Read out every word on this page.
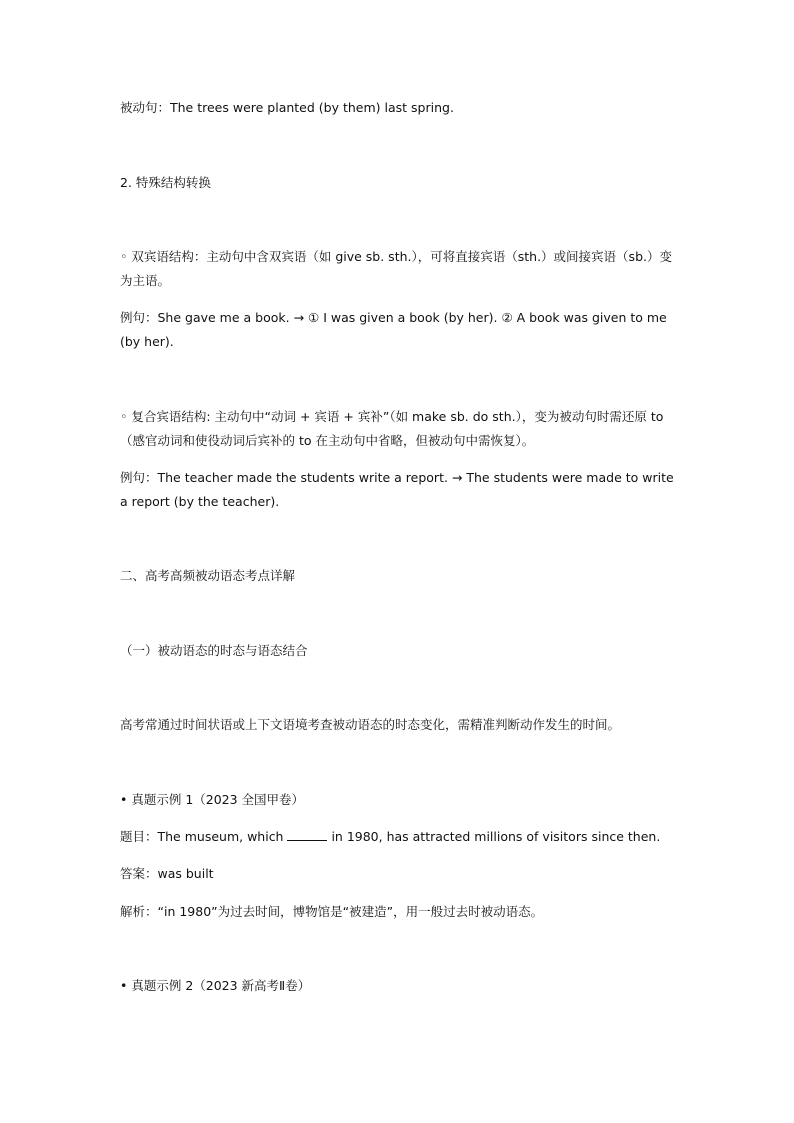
被动句：The trees were planted (by them) last spring.

2. 特殊结构转换

◦ 双宾语结构：主动句中含双宾语（如 give sb. sth.），可将直接宾语（sth.）或间接宾语（sb.）变为主语。

例句：She gave me a book. → ① I was given a book (by her). ② A book was given to me (by her).

◦ 复合宾语结构: 主动句中“动词 + 宾语 + 宾补”（如 make sb. do sth.），变为被动句时需还原 to（感官动词和使役动词后宾补的 to 在主动句中省略，但被动句中需恢复）。

例句：The teacher made the students write a report. → The students were made to write a report (by the teacher).

二、高考高频被动语态考点详解

（一）被动语态的时态与语态结合

高考常通过时间状语或上下文语境考查被动语态的时态变化，需精准判断动作发生的时间。

• 真题示例 1（2023 全国甲卷）

题目：The museum, which	in 1980, has attracted millions of visitors since then.

答案：was built

解析：“in 1980”为过去时间，博物馆是“被建造”，用一般过去时被动语态。

• 真题示例 2（2023 新高考Ⅱ卷）
